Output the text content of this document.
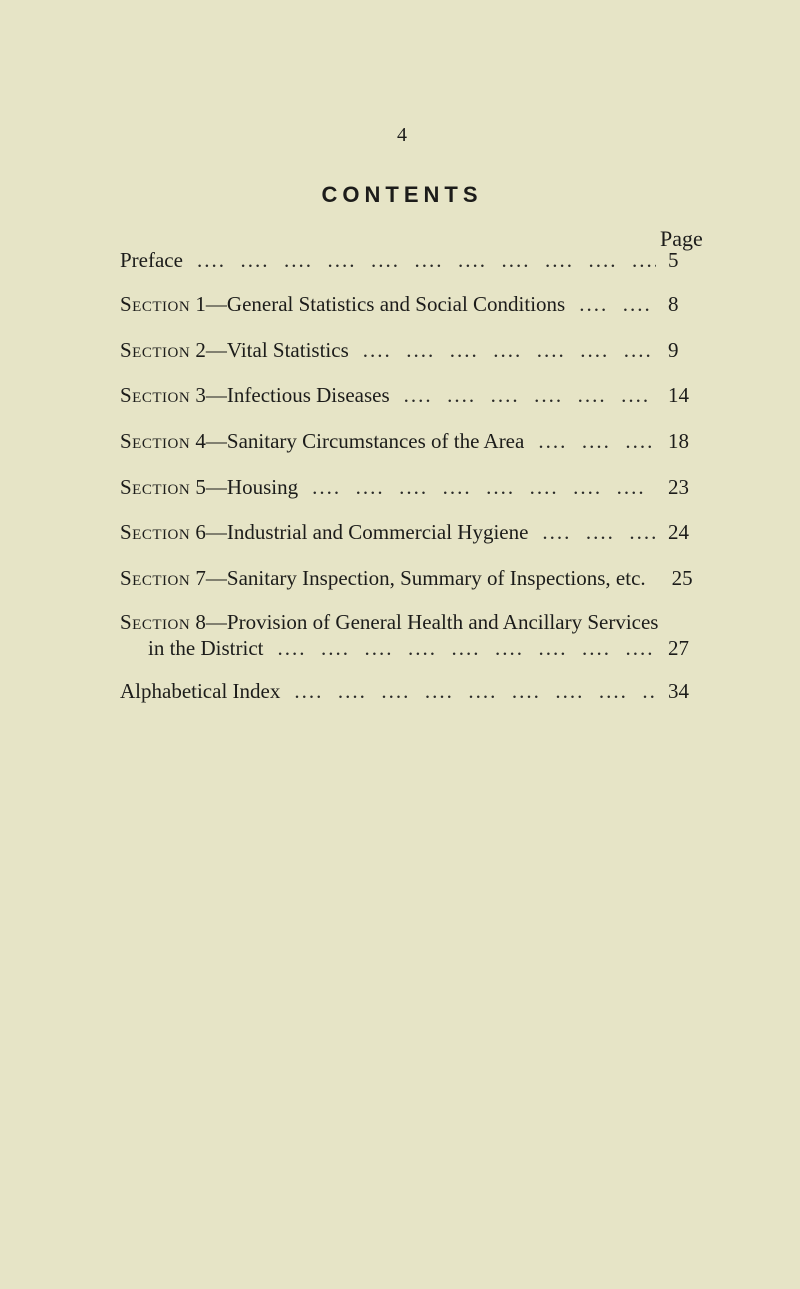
4
CONTENTS
Page
Preface ....	5
Section 1—General Statistics and Social Conditions ....	8
Section 2—Vital Statistics ....	9
Section 3—Infectious Diseases ....	14
Section 4—Sanitary Circumstances of the Area ....	18
Section 5—Housing ....	23
Section 6—Industrial and Commercial Hygiene ....	24
Section 7—Sanitary Inspection, Summary of Inspections, etc. 25
Section 8—Provision of General Health and Ancillary Services
in the District ....	27
Alphabetical Index ....	34
